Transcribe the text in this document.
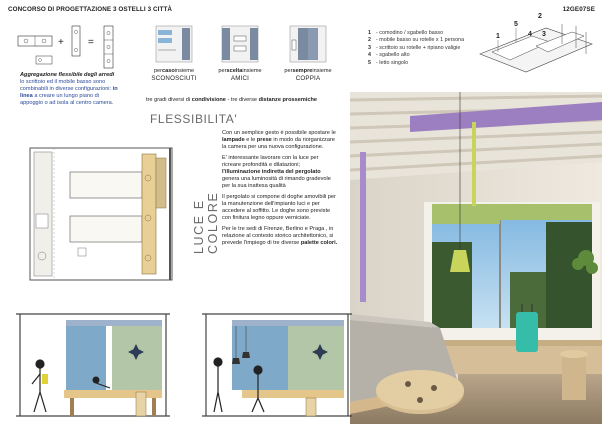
CONCORSO DI PROGETTAZIONE 3 OSTELLI 3 CITTÀ	12GE07SE
+ =
Aggregazione flessibile degli arredi
lo scrittoio ed il mobile basso sono combinabili in diverse configurazioni: in linea a creare un lungo piano di appoggio o ad isola al centro camera.
percasoinsieme
SCONOSCIUTI
persceltainsieme
AMICI
persempreinsieme
COPPIA
tre gradi diversi di condivisione - tre diverse distanze prossemiche
1 - comodino / sgabello basso
2 - mobile basso su rotelle x 1 persona
3 - scrittoio su rotelle + ripiano valigie
4 - sgabello alto
5 - letto singolo
1
5
2
4 3
FLESSIBILITA'
LUCE E COLORE

Con un semplice gesto è possibile spostare le lampade e le prese in modo da riorganizzare la camera per una nuova configurazione.

E' interessante lavorare con la luce per ricreare profondità e dilatazioni; l'illuminazione indiretta del pergolato genera una luminosità di rimando gradevole per la sua inattesa qualità

Il pergolato si compone di doghe amovibili per la manutenzione dell'impianto luci e per accedere al soffitto. Le doghe sono previste con finitura legno oppure verniciate.

Per le tre sedi di Firenze, Berlino e Praga , in relazione al contesto storico architettonico, si prevede l'impiego di tre diverse palette colori.
